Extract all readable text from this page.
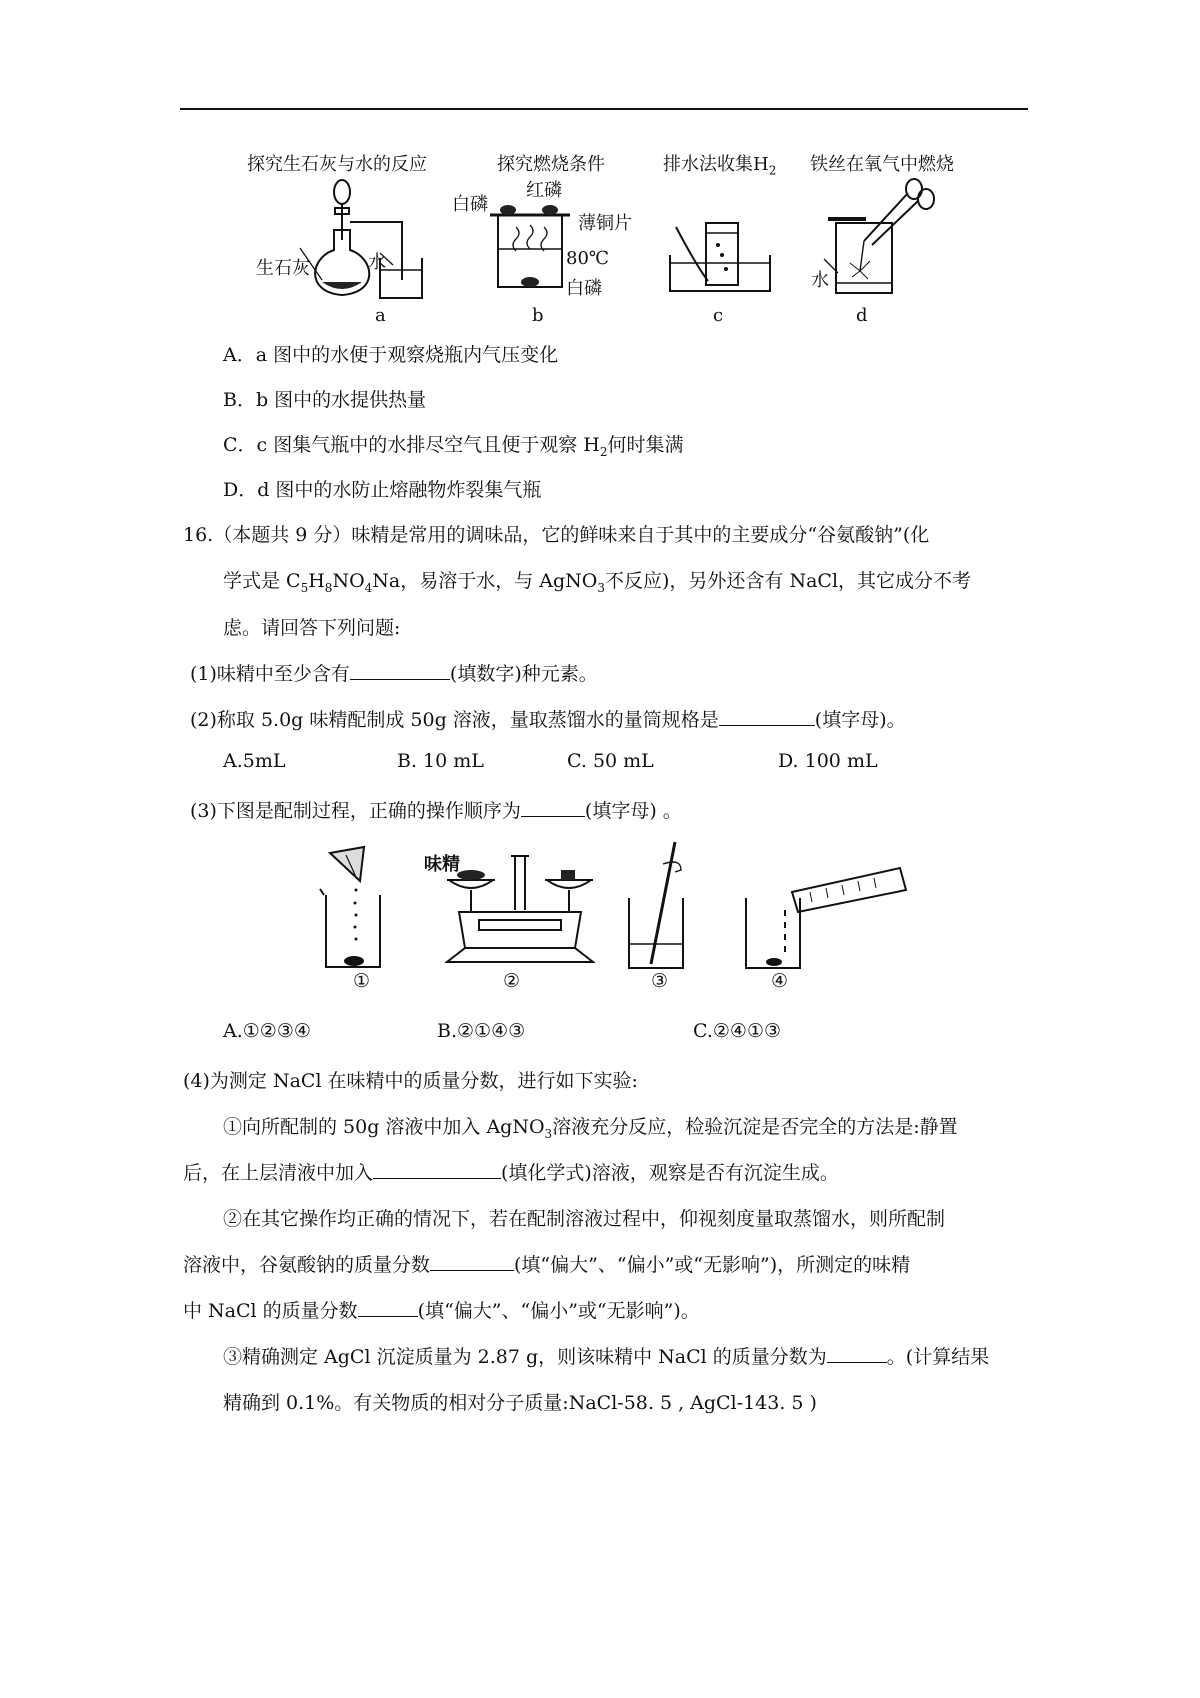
探究生石灰与水的反应	探究燃烧条件	排水法收集$H_2$ 铁丝在氧气中燃烧
生石灰	水
白磷
红磷
薄铜片
80℃
白磷	水
a	b	c	d
A．a 图中的水便于观察烧瓶内气压变化
B．b 图中的水提供热量
C．c 图集气瓶中的水排尽空气且便于观察 $H_2$何时集满
D．d 图中的水防止熔融物炸裂集气瓶
16.（本题共 9 分）味精是常用的调味品，它的鲜味来自于其中的主要成分“谷氨酸钠”(化
学式是 $C_5H_8NO_4Na$，易溶于水，与 AgNO$_3$不反应)，另外还含有 NaCl，其它成分不考
虑。请回答下列问题:
(1)味精中至少含有	(填数字)种元素。
(2)称取 5.0g 味精配制成 50g 溶液，量取蒸馏水的量筒规格是	(填字母)。
A.5mL	B. 10 mL	C. 50 mL	D. 100 mL
(3)下图是配制过程，正确的操作顺序为	(填字母) 。
味精
①	②	③	④
A.①②③④	B.②①④③	C.②④①③
(4)为测定 NaCl 在味精中的质量分数，进行如下实验:
①向所配制的 50g 溶液中加入 AgNO$_3$溶液充分反应，检验沉淀是否完全的方法是:静置
后，在上层清液中加入	(填化学式)溶液，观察是否有沉淀生成。
②在其它操作均正确的情况下，若在配制溶液过程中，仰视刻度量取蒸馏水，则所配制
溶液中，谷氨酸钠的质量分数	(填“偏大”、“偏小”或“无影响”)，所测定的味精
中 NaCl 的质量分数	(填“偏大”、“偏小”或“无影响”)。
③精确测定 AgCl 沉淀质量为 2.87 g，则该味精中 NaCl 的质量分数为	。(计算结果
精确到 0.1%。有关物质的相对分子质量:NaCl-58. 5 , AgCl-143. 5 )
